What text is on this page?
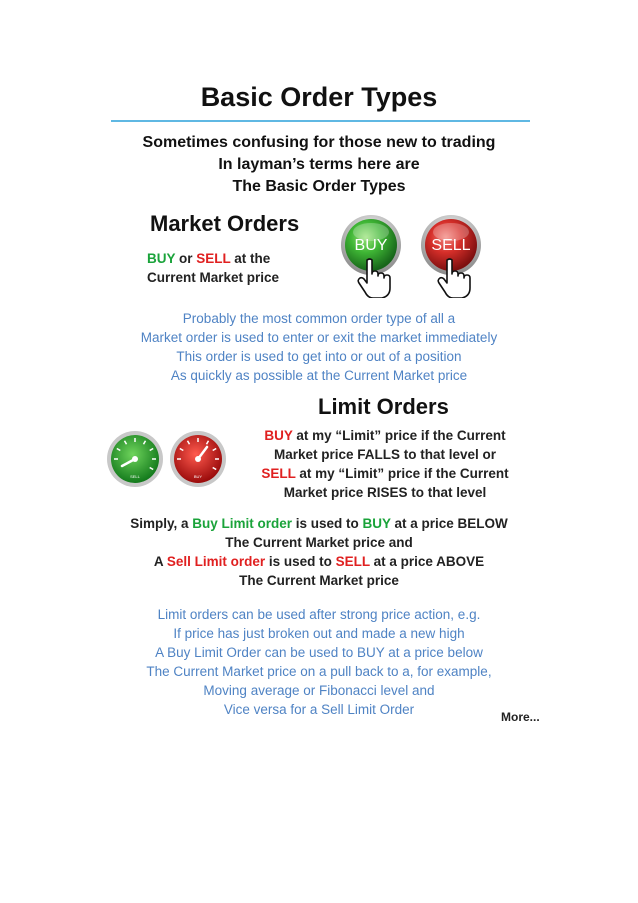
Basic Order Types
Sometimes confusing for those new to trading
In layman’s terms here are
The Basic Order Types
Market Orders
BUY or SELL at the
Current Market price
BUY	SELL
Probably the most common order type of all a
Market order is used to enter or exit the market immediately
This order is used to get into or out of a position
As quickly as possible at the Current Market price
Limit Orders
SELL	BUY
BUY at my “Limit” price if the Current
Market price FALLS to that level or
SELL at my “Limit” price if the Current
Market price RISES to that level
Simply, a Buy Limit order is used to BUY at a price BELOW
The Current Market price and
A Sell Limit order is used to SELL at a price ABOVE
The Current Market price
Limit orders can be used after strong price action, e.g.
If price has just broken out and made a new high
A Buy Limit Order can be used to BUY at a price below
The Current Market price on a pull back to a, for example,
Moving average or Fibonacci level and
Vice versa for a Sell Limit Order	More...
